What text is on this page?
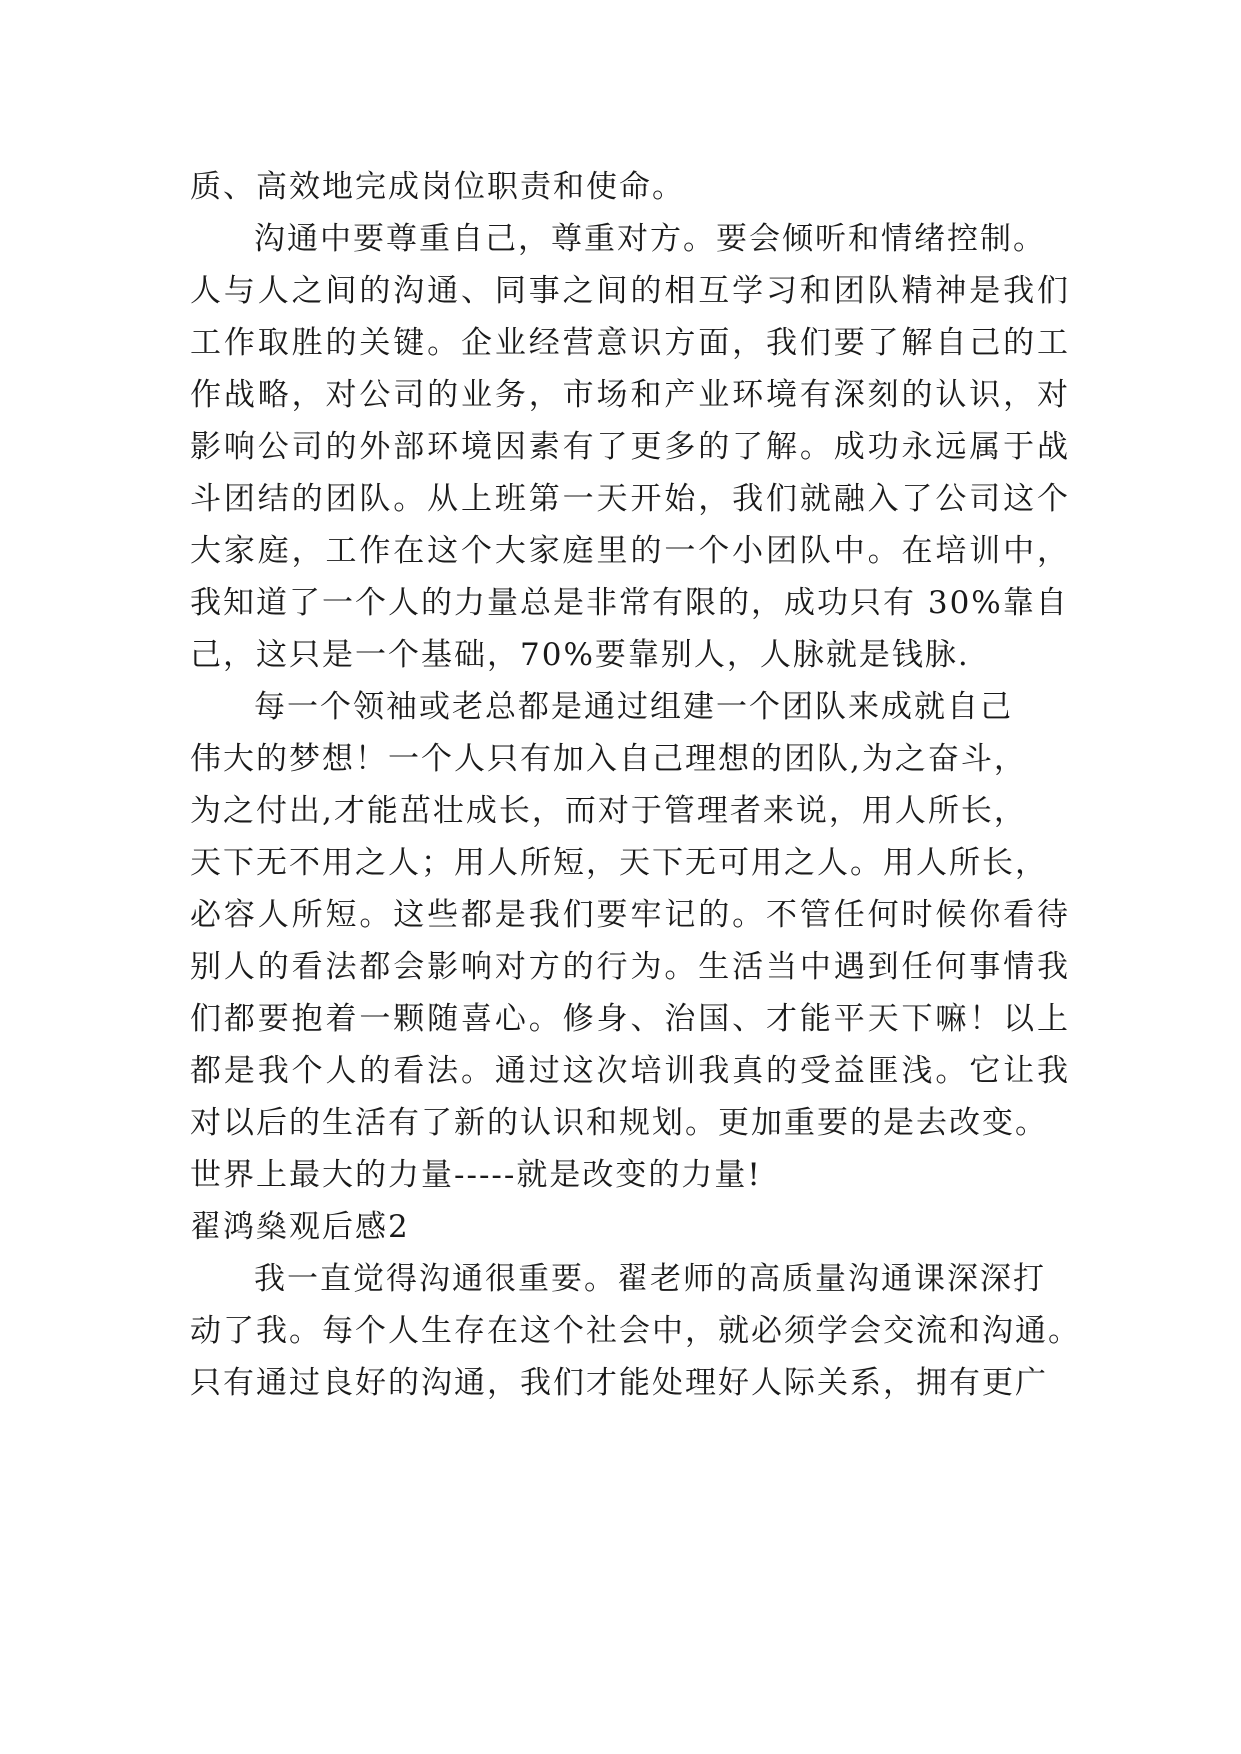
质、高效地完成岗位职责和使命。
沟通中要尊重自己，尊重对方。要会倾听和情绪控制。
人与人之间的沟通、同事之间的相互学习和团队精神是我们
工作取胜的关键。企业经营意识方面，我们要了解自己的工
作战略，对公司的业务，市场和产业环境有深刻的认识，对
影响公司的外部环境因素有了更多的了解。成功永远属于战
斗团结的团队。从上班第一天开始，我们就融入了公司这个
大家庭，工作在这个大家庭里的一个小团队中。在培训中，
我知道了一个人的力量总是非常有限的，成功只有 30%靠自
己，这只是一个基础，70%要靠别人，人脉就是钱脉.
每一个领袖或老总都是通过组建一个团队来成就自己
伟大的梦想！一个人只有加入自己理想的团队,为之奋斗，
为之付出,才能茁壮成长，而对于管理者来说，用人所长，
天下无不用之人；用人所短，天下无可用之人。用人所长，
必容人所短。这些都是我们要牢记的。不管任何时候你看待
别人的看法都会影响对方的行为。生活当中遇到任何事情我
们都要抱着一颗随喜心。修身、治国、才能平天下嘛！以上
都是我个人的看法。通过这次培训我真的受益匪浅。它让我
对以后的生活有了新的认识和规划。更加重要的是去改变。
世界上最大的力量-----就是改变的力量!
翟鸿燊观后感2
我一直觉得沟通很重要。翟老师的高质量沟通课深深打
动了我。每个人生存在这个社会中，就必须学会交流和沟通。
只有通过良好的沟通，我们才能处理好人际关系，拥有更广
